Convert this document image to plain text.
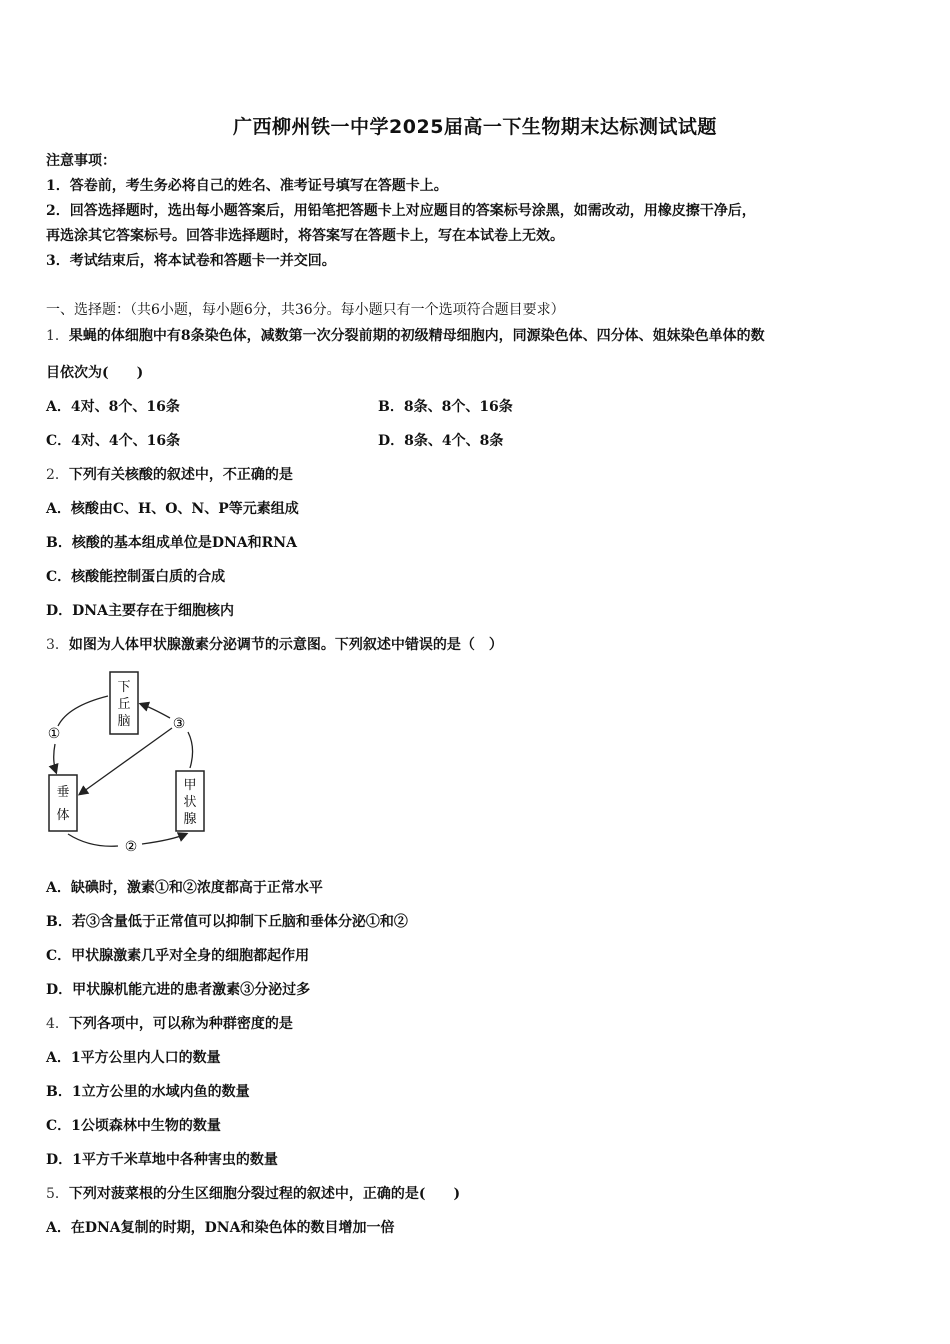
广西柳州铁一中学2025届高一下生物期末达标测试试题
注意事项：
1．答卷前，考生务必将自己的姓名、准考证号填写在答题卡上。
2．回答选择题时，选出每小题答案后，用铅笔把答题卡上对应题目的答案标号涂黑，如需改动，用橡皮擦干净后，
再选涂其它答案标号。回答非选择题时，将答案写在答题卡上，写在本试卷上无效。
3．考试结束后，将本试卷和答题卡一并交回。
一、选择题：（共6小题，每小题6分，共36分。每小题只有一个选项符合题目要求）
1．果蝇的体细胞中有8条染色体，减数第一次分裂前期的初级精母细胞内，同源染色体、四分体、姐妹染色单体的数
目依次为(　　)
A．4对、8个、16条	B．8条、8个、16条
C．4对、4个、16条	D．8条、4个、8条
2．下列有关核酸的叙述中，不正确的是
A．核酸由C、H、O、N、P等元素组成
B．核酸的基本组成单位是DNA和RNA
C．核酸能控制蛋白质的合成
D．DNA主要存在于细胞核内
3．如图为人体甲状腺激素分泌调节的示意图。下列叙述中错误的是（　）
下
丘
脑
垂
体
甲
状
腺
①
②
③
A．缺碘时，激素①和②浓度都高于正常水平
B．若③含量低于正常值可以抑制下丘脑和垂体分泌①和②
C．甲状腺激素几乎对全身的细胞都起作用
D．甲状腺机能亢进的患者激素③分泌过多
4．下列各项中，可以称为种群密度的是
A．1平方公里内人口的数量
B．1立方公里的水域内鱼的数量
C．1公顷森林中生物的数量
D．1平方千米草地中各种害虫的数量
5．下列对菠菜根的分生区细胞分裂过程的叙述中，正确的是(　　)
A．在DNA复制的时期，DNA和染色体的数目增加一倍
